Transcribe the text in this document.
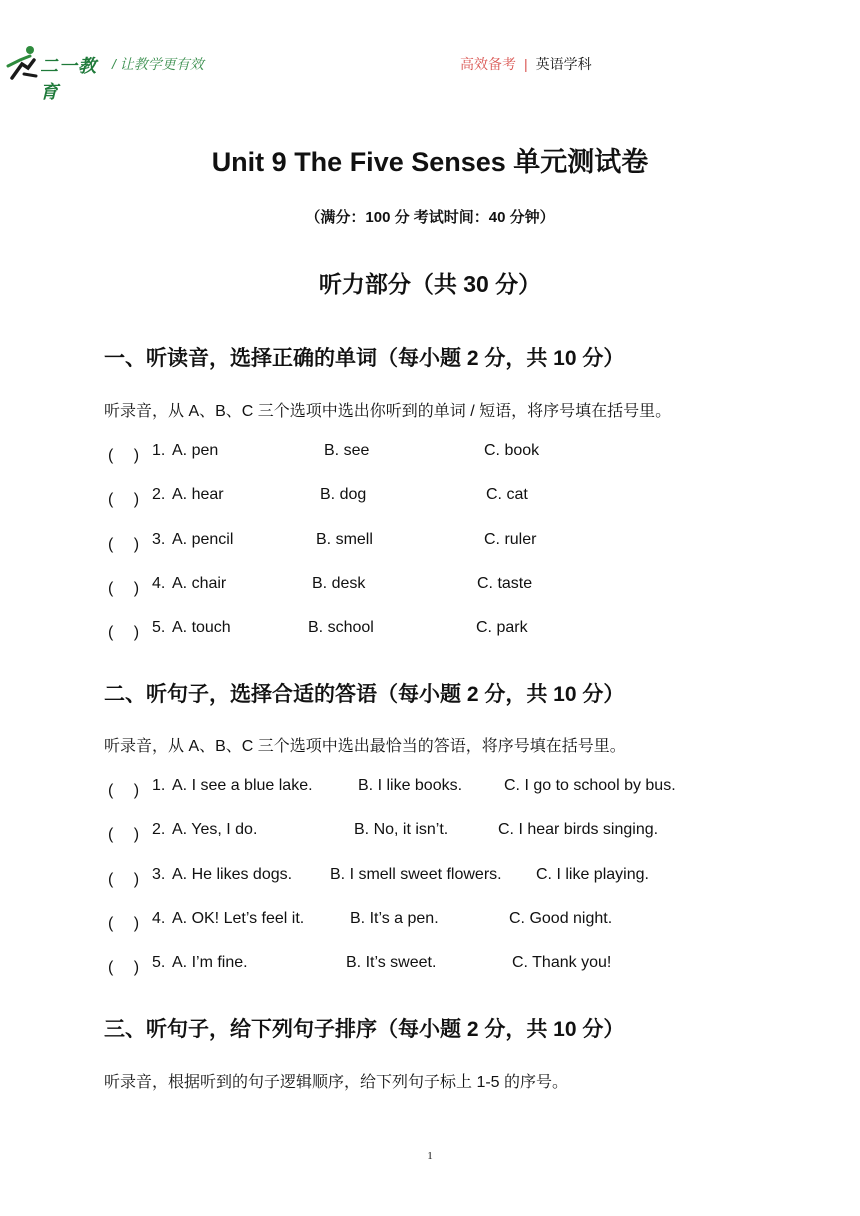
二一教育
/ 让教学更有效	高效备考 | 英语学科
Unit 9 The Five Senses 单元测试卷
（满分：100 分 考试时间：40 分钟）
听力部分（共 30 分）
一、听读音，选择正确的单词（每小题 2 分，共 10 分）
听录音，从 A、B、C 三个选项中选出你听到的单词 / 短语，将序号填在括号里。
(　 ) 1. A. pen	B. see	C. book
(　 ) 2. A. hear	B. dog	C. cat
(　 ) 3. A. pencil	B. smell	C. ruler
(　 ) 4. A. chair	B. desk	C. taste
(　 ) 5. A. touch	B. school	C. park
二、听句子，选择合适的答语（每小题 2 分，共 10 分）
听录音，从 A、B、C 三个选项中选出最恰当的答语，将序号填在括号里。
(　 ) 1. A. I see a blue lake.	B. I like books.	C. I go to school by bus.
(　 ) 2. A. Yes, I do.	B. No, it isn’t.	C. I hear birds singing.
(　 ) 3. A. He likes dogs. B. I smell sweet flowers. C. I like playing.
(　 ) 4. A. OK! Let’s feel it.	B. It’s a pen.	C. Good night.
(　 ) 5. A. I’m fine.	B. It’s sweet.	C. Thank you!
三、听句子，给下列句子排序（每小题 2 分，共 10 分）
听录音，根据听到的句子逻辑顺序，给下列句子标上 1-5 的序号。
1
